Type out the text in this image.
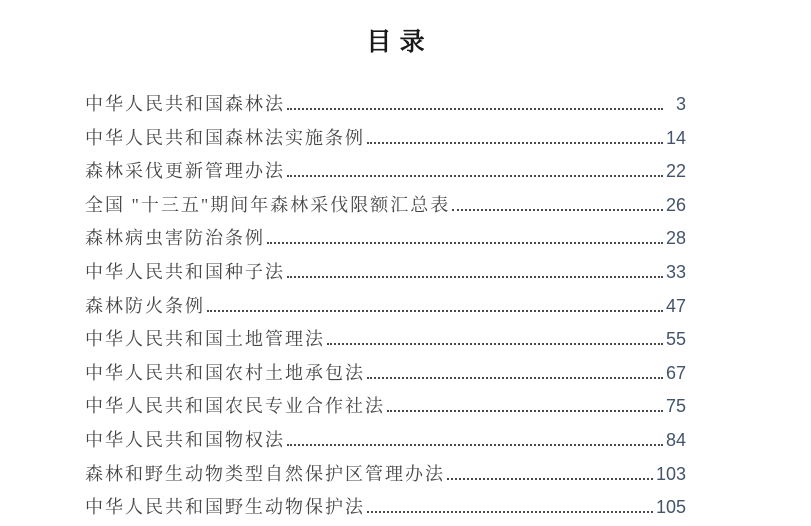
目 录
中华人民共和国森林法	3
中华人民共和国森林法实施条例	14
森林采伐更新管理办法	22
全国 "十三五"期间年森林采伐限额汇总表	26
森林病虫害防治条例	28
中华人民共和国种子法	33
森林防火条例	47
中华人民共和国土地管理法	55
中华人民共和国农村土地承包法	67
中华人民共和国农民专业合作社法	75
中华人民共和国物权法	84
森林和野生动物类型自然保护区管理办法	103
中华人民共和国野生动物保护法	105
